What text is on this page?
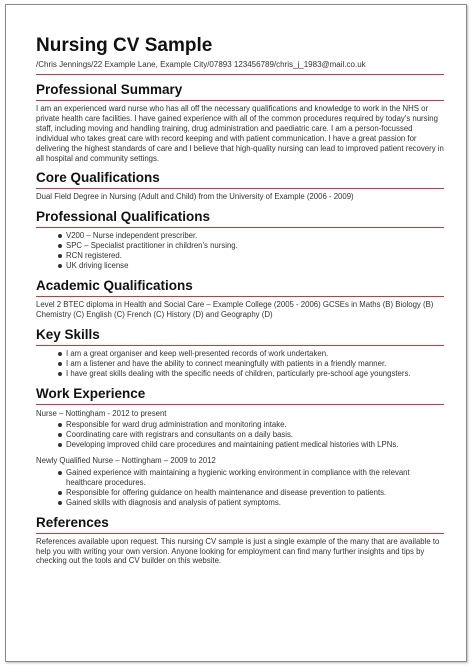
Nursing CV Sample
/Chris Jennings/22 Example Lane, Example City/07893 123456789/chris_j_1983@mail.co.uk
Professional Summary

I am an experienced ward nurse who has all off the necessary qualifications and knowledge to work in the NHS or private health care facilities. I have gained experience with all of the common procedures required by today's nursing staff, including moving and handling training, drug administration and paediatric care. I am a person-focussed individual who takes great care with record keeping and with patient communication. I have a great passion for delivering the highest standards of care and I believe that high-quality nursing can lead to improved patient recovery in all hospital and community settings.

Core Qualifications

Dual Field Degree in Nursing (Adult and Child) from the University of Example (2006 - 2009)

Professional Qualifications
V200 – Nurse independent prescriber.
SPC – Specialist practitioner in children's nursing.
RCN registered.
UK driving license
Academic Qualifications

Level 2 BTEC diploma in Health and Social Care – Example College (2005 - 2006) GCSEs in Maths (B) Biology (B) Chemistry (C) English (C) French (C) History (D) and Geography (D)

Key Skills
I am a great organiser and keep well-presented records of work undertaken.
I am a listener and have the ability to connect meaningfully with patients in a friendly manner.
I have great skills dealing with the specific needs of children, particularly pre-school age youngsters.
Work Experience

Nurse – Nottingham - 2012 to present

Responsible for ward drug administration and monitoring intake.
Coordinating care with registrars and consultants on a daily basis.
Developing improved child care procedures and maintaining patient medical histories with LPNs.

Newly Qualified Nurse – Nottingham – 2009 to 2012

Gained experience with maintaining a hygienic working environment in compliance with the relevant healthcare procedures.
Responsible for offering guidance on health maintenance and disease prevention to patients.
Gained skills with diagnosis and analysis of patient symptoms.
References

References available upon request. This nursing CV sample is just a single example of the many that are available to help you with writing your own version. Anyone looking for employment can find many further insights and tips by checking out the tools and CV builder on this website.
